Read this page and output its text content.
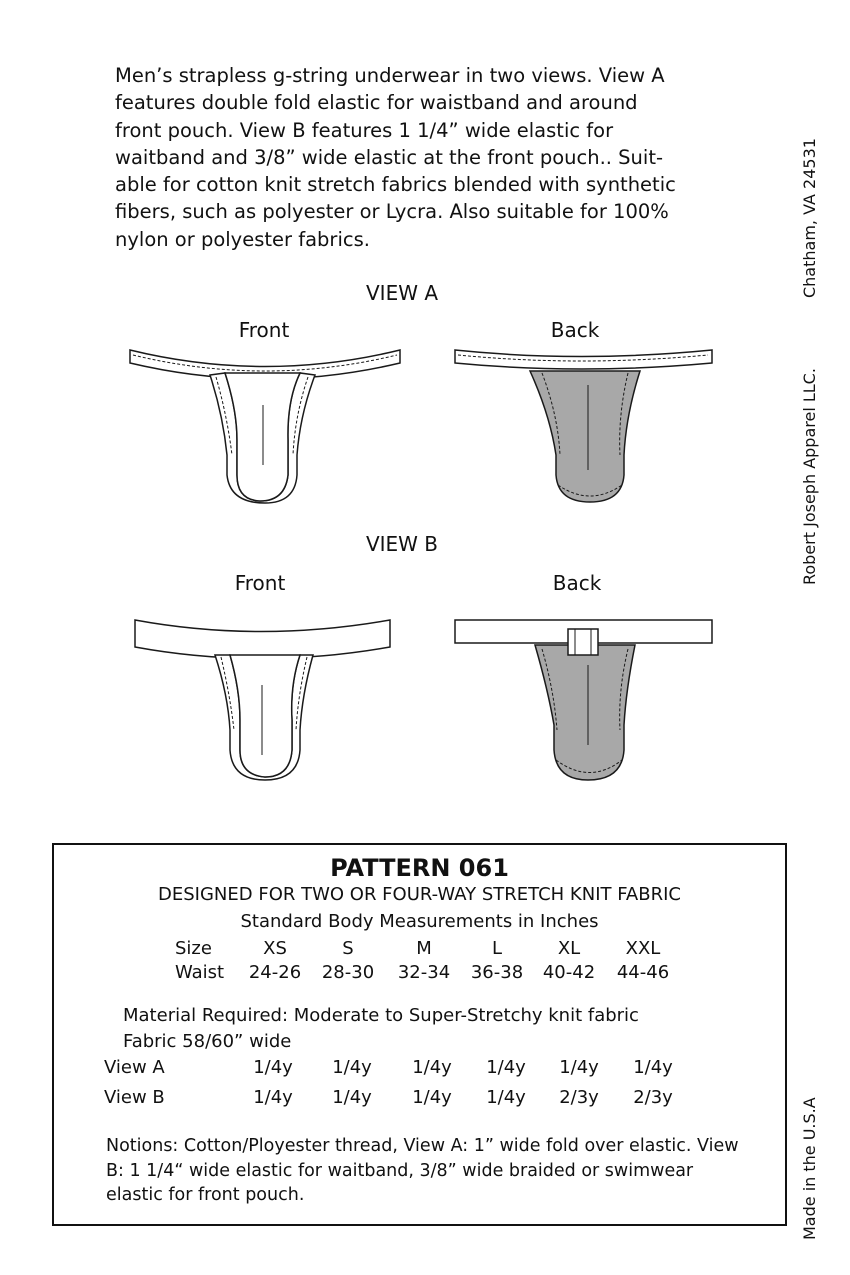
Men’s strapless g-string underwear in two views. View A
features double fold elastic for waistband and around
front pouch. View B features 1 1/4” wide elastic for
waitband and 3/8” wide elastic at the front pouch.. Suit-
able for cotton knit stretch fabrics blended with synthetic
fibers, such as polyester or Lycra. Also suitable for 100%
nylon or polyester fabrics.	Chatham, VA 24531
Robert Joseph Apparel LLC.
Made in the U.S.A
VIEW A
Front	Back
VIEW B
Front	Back
PATTERN 061
DESIGNED FOR TWO OR FOUR-WAY STRETCH KNIT FABRIC
Standard Body Measurements in Inches
Size	XS	S	M	L	XL	XXL
Waist 24-26 28-30 32-34 36-38 40-42 44-46
Material Required: Moderate to Super-Stretchy knit fabric
Fabric 58/60” wide
View A	1/4y 1/4y 1/4y 1/4y 1/4y 1/4y
View B	1/4y 1/4y 1/4y 1/4y 2/3y 2/3y
Notions: Cotton/Ployester thread, View A: 1” wide fold over elastic. View
B: 1 1/4“ wide elastic for waitband, 3/8” wide braided or swimwear
elastic for front pouch.
